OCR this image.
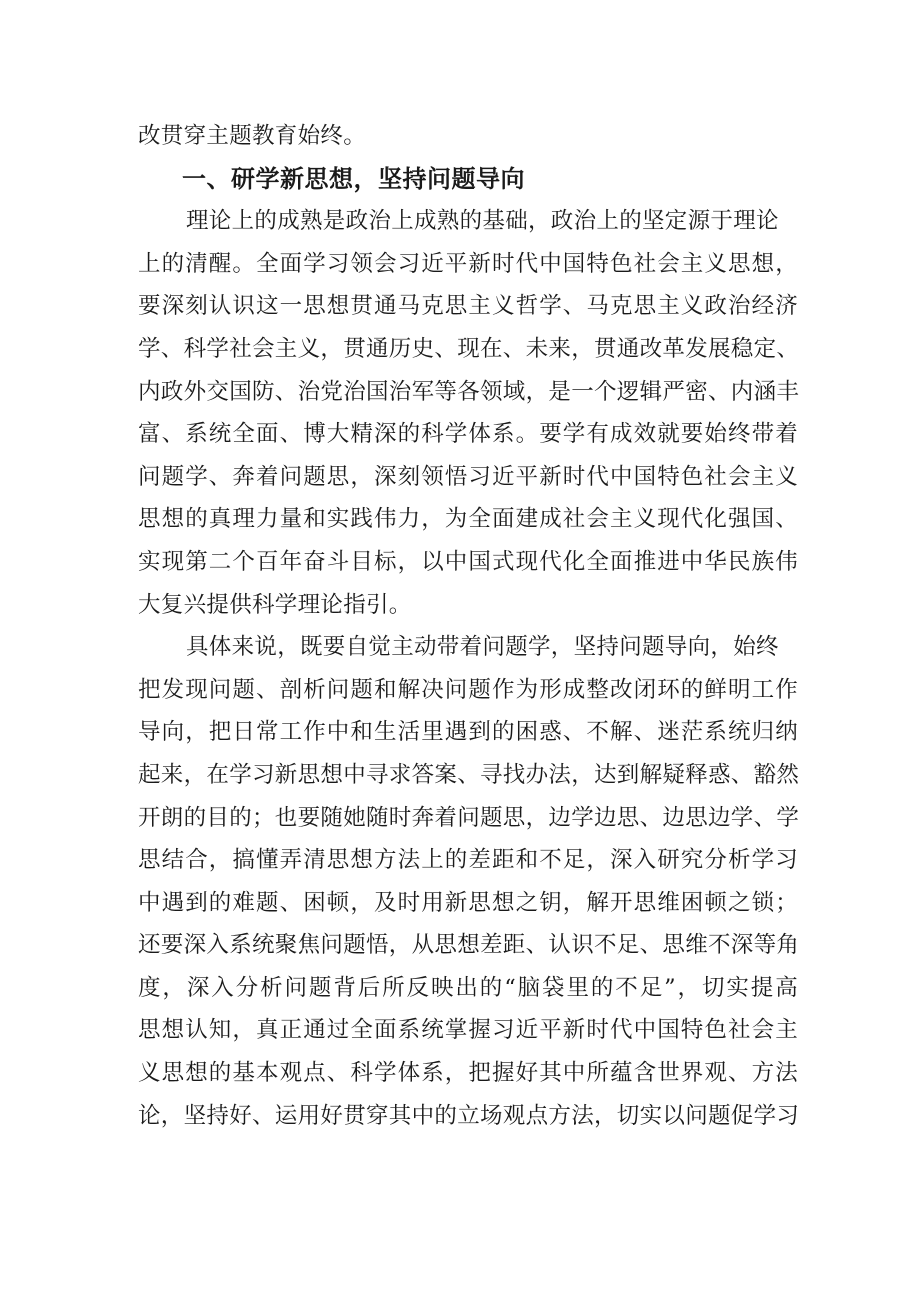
改贯穿主题教育始终。
一、研学新思想，坚持问题导向
理论上的成熟是政治上成熟的基础，政治上的坚定源于理论
上的清醒。全面学习领会习近平新时代中国特色社会主义思想，
要深刻认识这一思想贯通马克思主义哲学、马克思主义政治经济
学、科学社会主义，贯通历史、现在、未来，贯通改革发展稳定、
内政外交国防、治党治国治军等各领域，是一个逻辑严密、内涵丰
富、系统全面、博大精深的科学体系。要学有成效就要始终带着
问题学、奔着问题思，深刻领悟习近平新时代中国特色社会主义
思想的真理力量和实践伟力，为全面建成社会主义现代化强国、
实现第二个百年奋斗目标，以中国式现代化全面推进中华民族伟
大复兴提供科学理论指引。
具体来说，既要自觉主动带着问题学，坚持问题导向，始终
把发现问题、剖析问题和解决问题作为形成整改闭环的鲜明工作
导向，把日常工作中和生活里遇到的困惑、不解、迷茫系统归纳
起来，在学习新思想中寻求答案、寻找办法，达到解疑释惑、豁然
开朗的目的；也要随她随时奔着问题思，边学边思、边思边学、学
思结合，搞懂弄清思想方法上的差距和不足，深入研究分析学习
中遇到的难题、困顿，及时用新思想之钥，解开思维困顿之锁；
还要深入系统聚焦问题悟，从思想差距、认识不足、思维不深等角
度，深入分析问题背后所反映出的“脑袋里的不足”，切实提高
思想认知，真正通过全面系统掌握习近平新时代中国特色社会主
义思想的基本观点、科学体系，把握好其中所蕴含世界观、方法
论，坚持好、运用好贯穿其中的立场观点方法，切实以问题促学习
